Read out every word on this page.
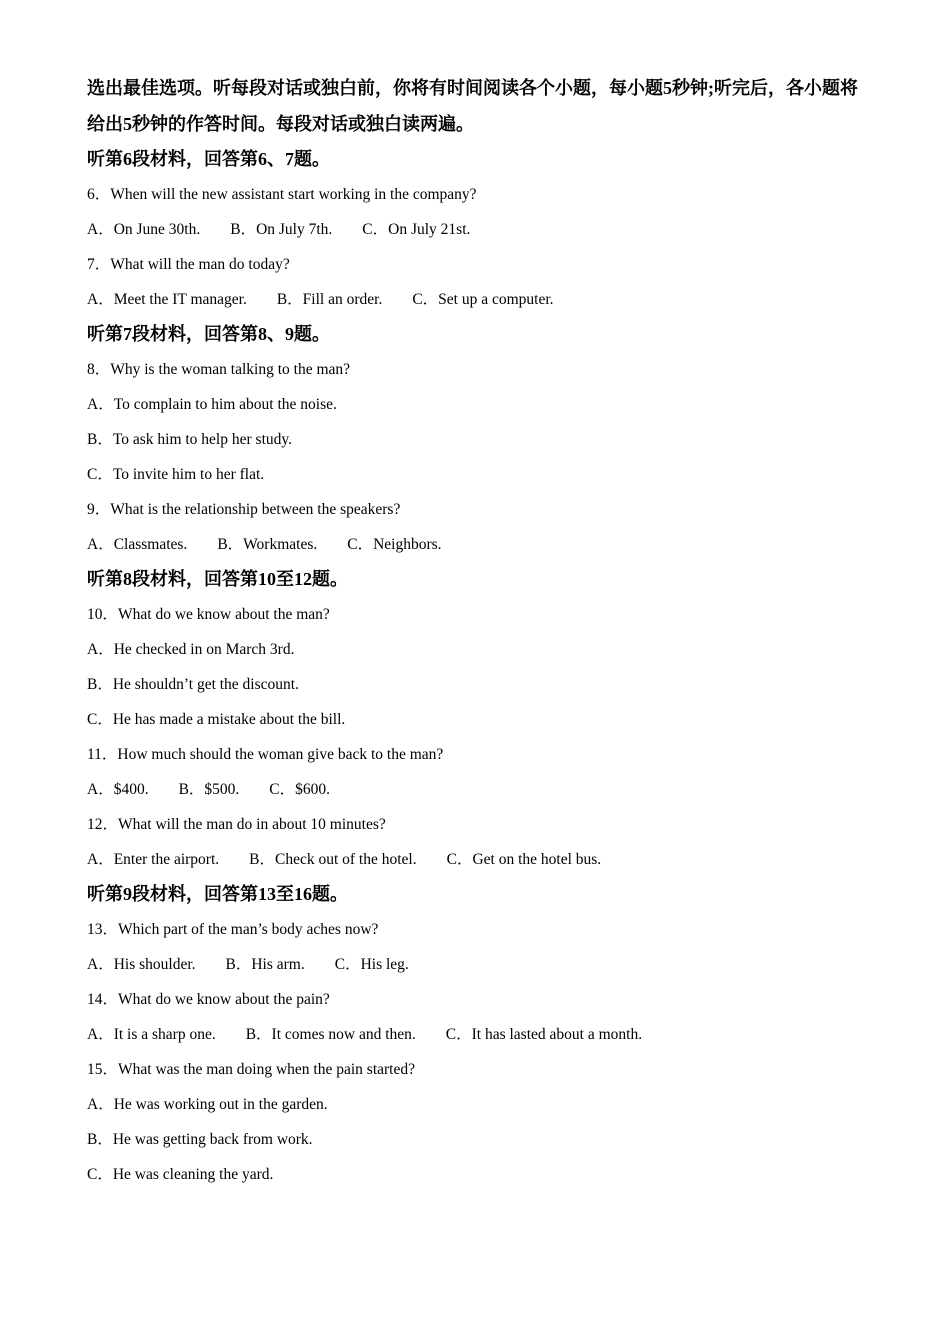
选出最佳选项。听每段对话或独白前，你将有时间阅读各个小题，每小题5秒钟;听完后，各小题将给出5秒钟的作答时间。每段对话或独白读两遍。

听第6段材料，回答第6、7题。

6．When will the new assistant start working in the company?

A．On June 30th. B．On July 7th. C．On July 21st.

7．What will the man do today?

A．Meet the IT manager. B．Fill an order. C．Set up a computer.

听第7段材料，回答第8、9题。

8．Why is the woman talking to the man?

A．To complain to him about the noise.

B．To ask him to help her study.

C．To invite him to her flat.

9．What is the relationship between the speakers?

A．Classmates. B．Workmates. C．Neighbors.

听第8段材料，回答第10至12题。

10．What do we know about the man?

A．He checked in on March 3rd.

B．He shouldn’t get the discount.

C．He has made a mistake about the bill.

11．How much should the woman give back to the man?

A．$400. B．$500. C．$600.

12．What will the man do in about 10 minutes?

A．Enter the airport. B．Check out of the hotel. C．Get on the hotel bus.

听第9段材料，回答第13至16题。

13．Which part of the man’s body aches now?

A．His shoulder. B．His arm. C．His leg.

14．What do we know about the pain?

A．It is a sharp one. B．It comes now and then. C．It has lasted about a month.

15．What was the man doing when the pain started?

A．He was working out in the garden.

B．He was getting back from work.

C．He was cleaning the yard.
